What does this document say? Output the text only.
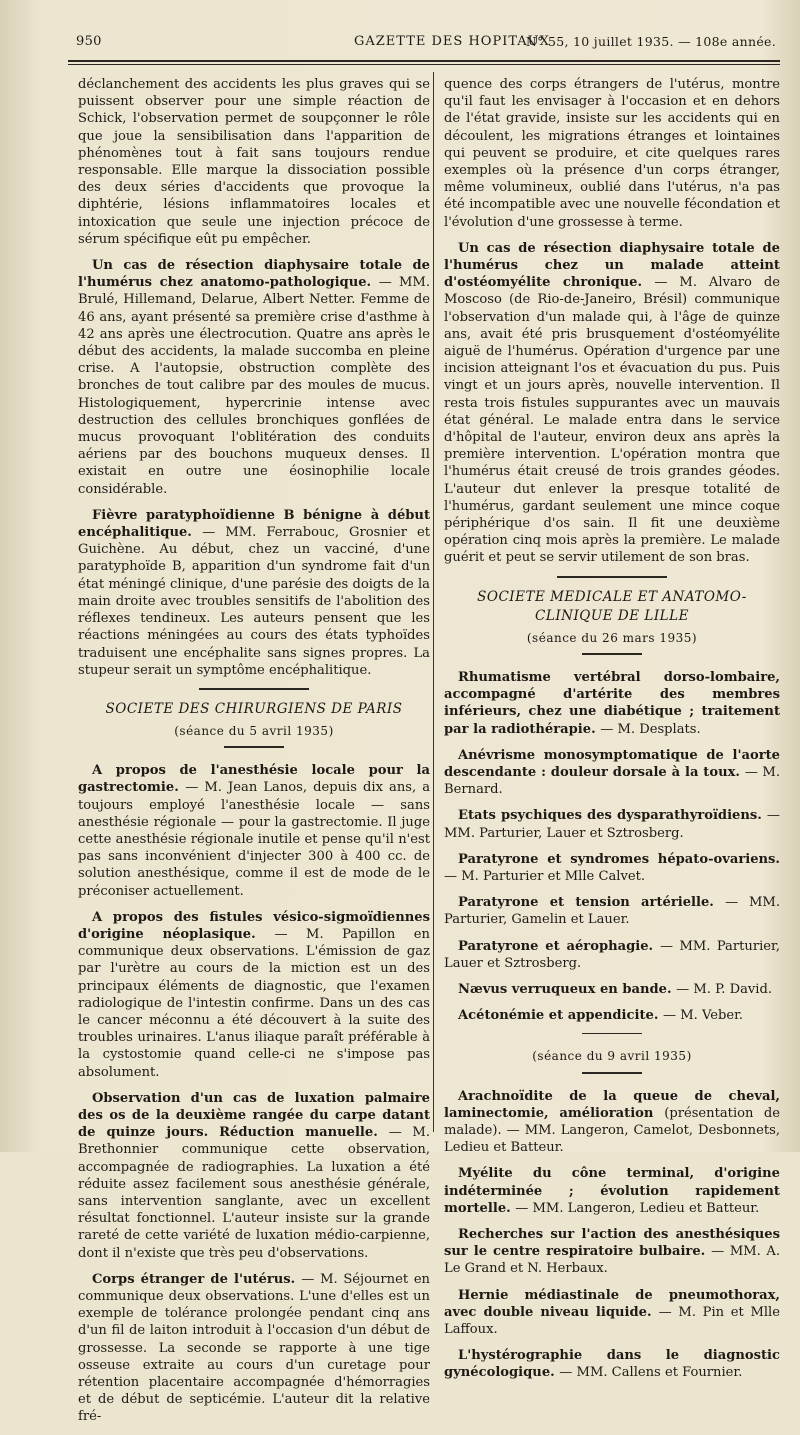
950	GAZETTE DES HOPITAUX
N° 55, 10 juillet 1935. — 108e année.

déclanchement des accidents les plus graves qui se puissent observer pour une simple réaction de Schick, l'observation permet de soupçonner le rôle que joue la sensibilisation dans l'apparition de phénomènes tout à fait sans toujours rendue responsable. Elle marque la dissociation possible des deux séries d'accidents que provoque la diphtérie, lésions inflammatoires locales et intoxication que seule une injection précoce de sérum spécifique eût pu empêcher.

Un cas de résection diaphysaire totale de l'humérus chez anatomo-pathologique. — MM. Brulé, Hillemand, Delarue, Albert Netter. Femme de 46 ans, ayant présenté sa première crise d'asthme à 42 ans après une électrocution. Quatre ans après le début des accidents, la malade succomba en pleine crise. A l'autopsie, obstruction complète des bronches de tout calibre par des moules de mucus. Histologiquement, hypercrinie intense avec destruction des cellules bronchiques gonflées de mucus provoquant l'oblitération des conduits aériens par des bouchons muqueux denses. Il existait en outre une éosinophilie locale considérable.

Fièvre paratyphoïdienne B bénigne à début encéphalitique. — MM. Ferrabouc, Grosnier et Guichène. Au début, chez un vacciné, d'une paratyphoïde B, apparition d'un syndrome fait d'un état méningé clinique, d'une parésie des doigts de la main droite avec troubles sensitifs de l'abolition des réflexes tendineux. Les auteurs pensent que les réactions méningées au cours des états typhoïdes traduisent une encéphalite sans signes propres. La stupeur serait un symptôme encéphalitique.

SOCIETE DES CHIRURGIENS DE PARIS
(séance du 5 avril 1935)

A propos de l'anesthésie locale pour la gastrectomie. — M. Jean Lanos, depuis dix ans, a toujours employé l'anesthésie locale — sans anesthésie régionale — pour la gastrectomie. Il juge cette anesthésie régionale inutile et pense qu'il n'est pas sans inconvénient d'injecter 300 à 400 cc. de solution anesthésique, comme il est de mode de le préconiser actuellement.

A propos des fistules vésico-sigmoïdiennes d'origine néoplasique. — M. Papillon en communique deux observations. L'émission de gaz par l'urètre au cours de la miction est un des principaux éléments de diagnostic, que l'examen radiologique de l'intestin confirme. Dans un des cas le cancer méconnu a été découvert à la suite des troubles urinaires. L'anus iliaque paraît préférable à la cystostomie quand celle-ci ne s'impose pas absolument.

Observation d'un cas de luxation palmaire des os de la deuxième rangée du carpe datant de quinze jours. Réduction manuelle. — M. Brethonnier communique cette observation, accompagnée de radiographies. La luxation a été réduite assez facilement sous anesthésie générale, sans intervention sanglante, avec un excellent résultat fonctionnel. L'auteur insiste sur la grande rareté de cette variété de luxation médio-carpienne, dont il n'existe que très peu d'observations.

Corps étranger de l'utérus. — M. Séjournet en communique deux observations. L'une d'elles est un exemple de tolérance prolongée pendant cinq ans d'un fil de laiton introduit à l'occasion d'un début de grossesse. La seconde se rapporte à une tige osseuse extraite au cours d'un curetage pour rétention placentaire accompagnée d'hémorragies et de début de septicémie. L'auteur dit la relative fré-

quence des corps étrangers de l'utérus, montre qu'il faut les envisager à l'occasion et en dehors de l'état gravide, insiste sur les accidents qui en découlent, les migrations étranges et lointaines qui peuvent se produire, et cite quelques rares exemples où la présence d'un corps étranger, même volumineux, oublié dans l'utérus, n'a pas été incompatible avec une nouvelle fécondation et l'évolution d'une grossesse à terme.

Un cas de résection diaphysaire totale de l'humérus chez un malade atteint d'ostéomyélite chronique. — M. Alvaro de Moscoso (de Rio-de-Janeiro, Brésil) communique l'observation d'un malade qui, à l'âge de quinze ans, avait été pris brusquement d'ostéomyélite aiguë de l'humérus. Opération d'urgence par une incision atteignant l'os et évacuation du pus. Puis vingt et un jours après, nouvelle intervention. Il resta trois fistules suppurantes avec un mauvais état général. Le malade entra dans le service d'hôpital de l'auteur, environ deux ans après la première intervention. L'opération montra que l'humérus était creusé de trois grandes géodes. L'auteur dut enlever la presque totalité de l'humérus, gardant seulement une mince coque périphérique d'os sain. Il fit une deuxième opération cinq mois après la première. Le malade guérit et peut se servir utilement de son bras.

SOCIETE MEDICALE ET ANATOMO-CLINIQUE DE LILLE
(séance du 26 mars 1935)

Rhumatisme vertébral dorso-lombaire, accompagné d'artérite des membres inférieurs, chez une diabétique ; traitement par la radiothérapie. — M. Desplats.

Anévrisme monosymptomatique de l'aorte descendante : douleur dorsale à la toux. — M. Bernard.

Etats psychiques des dysparathyroïdiens. — MM. Parturier, Lauer et Sztrosberg.

Paratyrone et syndromes hépato-ovariens. — M. Parturier et Mlle Calvet.

Paratyrone et tension artérielle. — MM. Parturier, Gamelin et Lauer.

Paratyrone et aérophagie. — MM. Parturier, Lauer et Sztrosberg.

Nævus verruqueux en bande. — M. P. David.

Acétonémie et appendicite. — M. Veber.

(séance du 9 avril 1935)

Arachnoïdite de la queue de cheval, laminectomie, amélioration (présentation de malade). — MM. Langeron, Camelot, Desbonnets, Ledieu et Batteur.

Myélite du cône terminal, d'origine indéterminée ; évolution rapidement mortelle. — MM. Langeron, Ledieu et Batteur.

Recherches sur l'action des anesthésiques sur le centre respiratoire bulbaire. — MM. A. Le Grand et N. Herbaux.

Hernie médiastinale de pneumothorax, avec double niveau liquide. — M. Pin et Mlle Laffoux.

L'hystérographie dans le diagnostic gynécologique. — MM. Callens et Fournier.
